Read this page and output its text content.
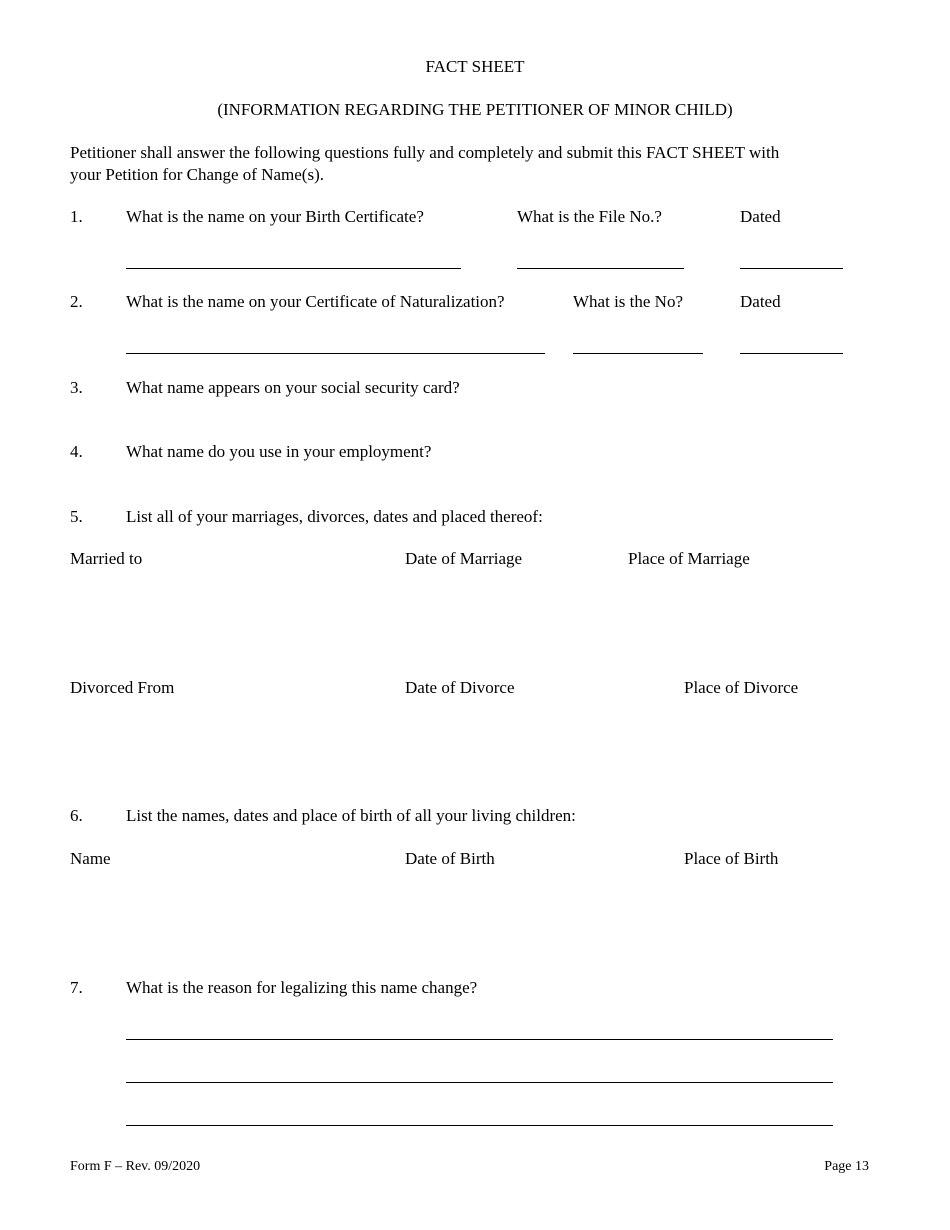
FACT SHEET
(INFORMATION REGARDING THE PETITIONER OF MINOR CHILD)
Petitioner shall answer the following questions fully and completely and submit this FACT SHEET with
your Petition for Change of Name(s).
1.	What is the name on your Birth Certificate?	What is the File No.?	Dated
2.	What is the name on your Certificate of Naturalization?	What is the No?	Dated
3.	What name appears on your social security card?
4.	What name do you use in your employment?
5.	List all of your marriages, divorces, dates and placed thereof:
Married to	Date of Marriage	Place of Marriage
Divorced From	Date of Divorce	Place of Divorce
6.	List the names, dates and place of birth of all your living children:
Name	Date of Birth	Place of Birth
7.	What is the reason for legalizing this name change?
Form F – Rev. 09/2020	Page 13
